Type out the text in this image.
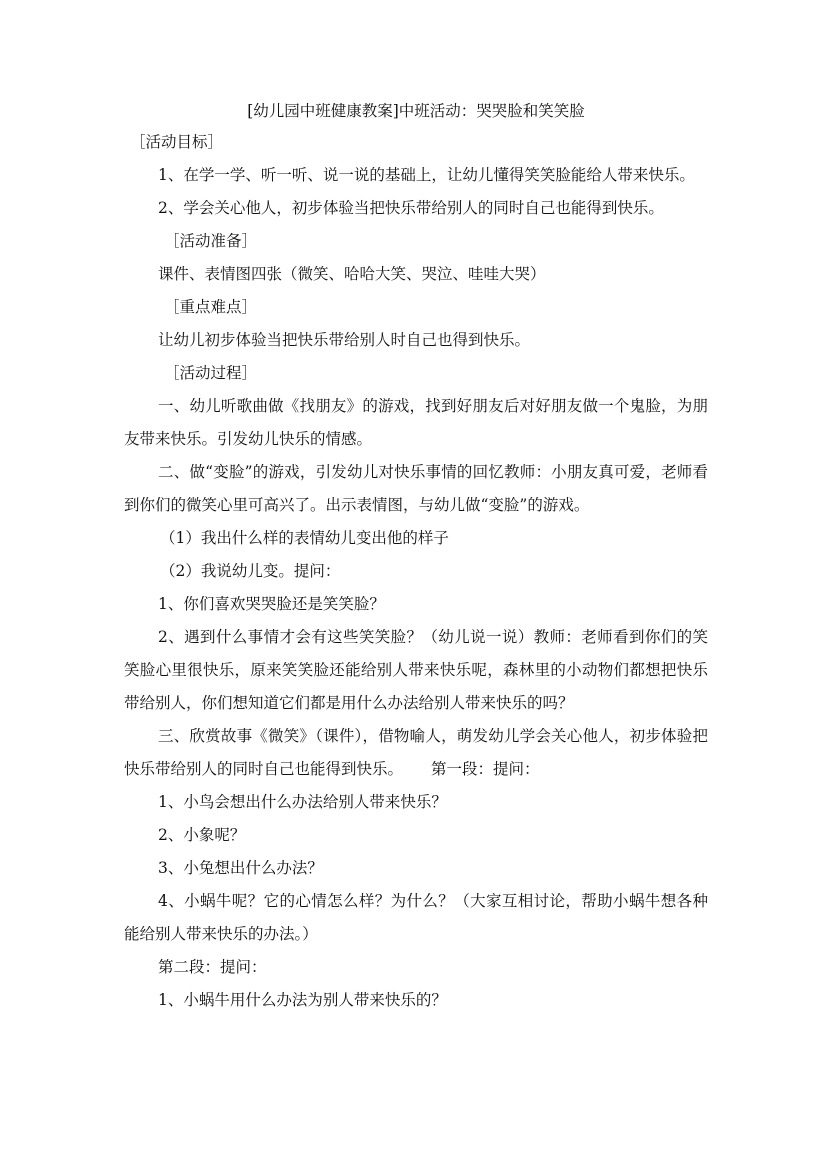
[幼儿园中班健康教案]中班活动：哭哭脸和笑笑脸

［活动目标］

1、在学一学、听一听、说一说的基础上，让幼儿懂得笑笑脸能给人带来快乐。

2、学会关心他人，初步体验当把快乐带给别人的同时自己也能得到快乐。

［活动准备］

课件、表情图四张（微笑、哈哈大笑、哭泣、哇哇大哭）

［重点难点］

让幼儿初步体验当把快乐带给别人时自己也得到快乐。

［活动过程］

一、幼儿听歌曲做《找朋友》的游戏，找到好朋友后对好朋友做一个鬼脸，为朋友带来快乐。引发幼儿快乐的情感。

二、做“变脸”的游戏，引发幼儿对快乐事情的回忆教师：小朋友真可爱，老师看到你们的微笑心里可高兴了。出示表情图，与幼儿做“变脸”的游戏。

（1）我出什么样的表情幼儿变出他的样子

（2）我说幼儿变。提问：

1、你们喜欢哭哭脸还是笑笑脸？

2、遇到什么事情才会有这些笑笑脸？（幼儿说一说）教师：老师看到你们的笑笑脸心里很快乐，原来笑笑脸还能给别人带来快乐呢，森林里的小动物们都想把快乐带给别人，你们想知道它们都是用什么办法给别人带来快乐的吗？

三、欣赏故事《微笑》（课件），借物喻人，萌发幼儿学会关心他人，初步体验把快乐带给别人的同时自己也能得到快乐。 第一段：提问：

1、小鸟会想出什么办法给别人带来快乐？

2、小象呢？

3、小兔想出什么办法？

4、小蜗牛呢？它的心情怎么样？为什么？（大家互相讨论，帮助小蜗牛想各种能给别人带来快乐的办法。）

第二段：提问：

1、小蜗牛用什么办法为别人带来快乐的？
